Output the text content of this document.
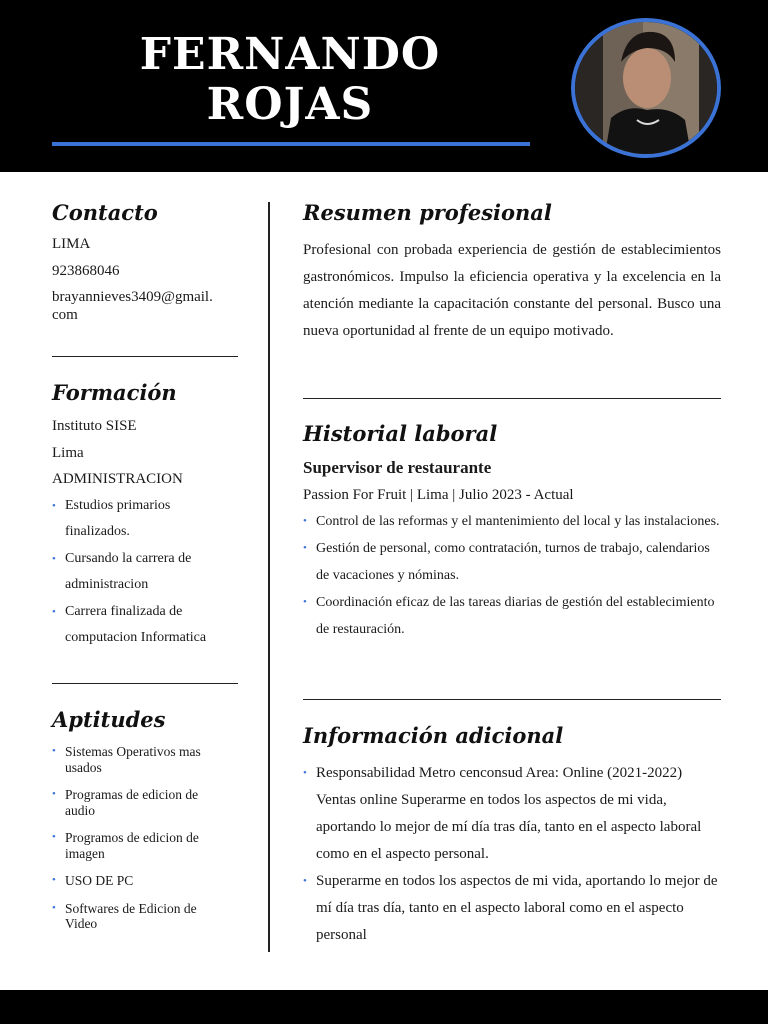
FERNANDO
ROJAS
Contacto
LIMA
923868046
brayannieves3409@gmail.
com
Formación
Instituto SISE
Lima
ADMINISTRACION
• Estudios primarios
finalizados.
• Cursando la carrera de
administracion
• Carrera finalizada de
computacion Informatica
Aptitudes
• Sistemas Operativos mas
usados
• Programas de edicion de
audio
• Programos de edicion de
imagen
• USO DE PC
• Softwares de Edicion de
Video
Resumen profesional

Profesional con probada experiencia de gestión de establecimientos gastronómicos. Impulso la eficiencia operativa y la excelencia en la atención mediante la capacitación constante del personal. Busco una nueva oportunidad al frente de un equipo motivado.

Historial laboral
Supervisor de restaurante
Passion For Fruit | Lima | Julio 2023 - Actual
• Control de las reformas y el mantenimiento del local y las instalaciones.
• Gestión de personal, como contratación, turnos de trabajo, calendarios de vacaciones y nóminas.
• Coordinación eficaz de las tareas diarias de gestión del establecimiento de restauración.
Información adicional
• Responsabilidad Metro cenconsud Area: Online (2021-2022) Ventas online Superarme en todos los aspectos de mi vida, aportando lo mejor de mí día tras día, tanto en el aspecto laboral como en el aspecto personal.
• Superarme en todos los aspectos de mi vida, aportando lo mejor de mí día tras día, tanto en el aspecto laboral como en el aspecto personal
